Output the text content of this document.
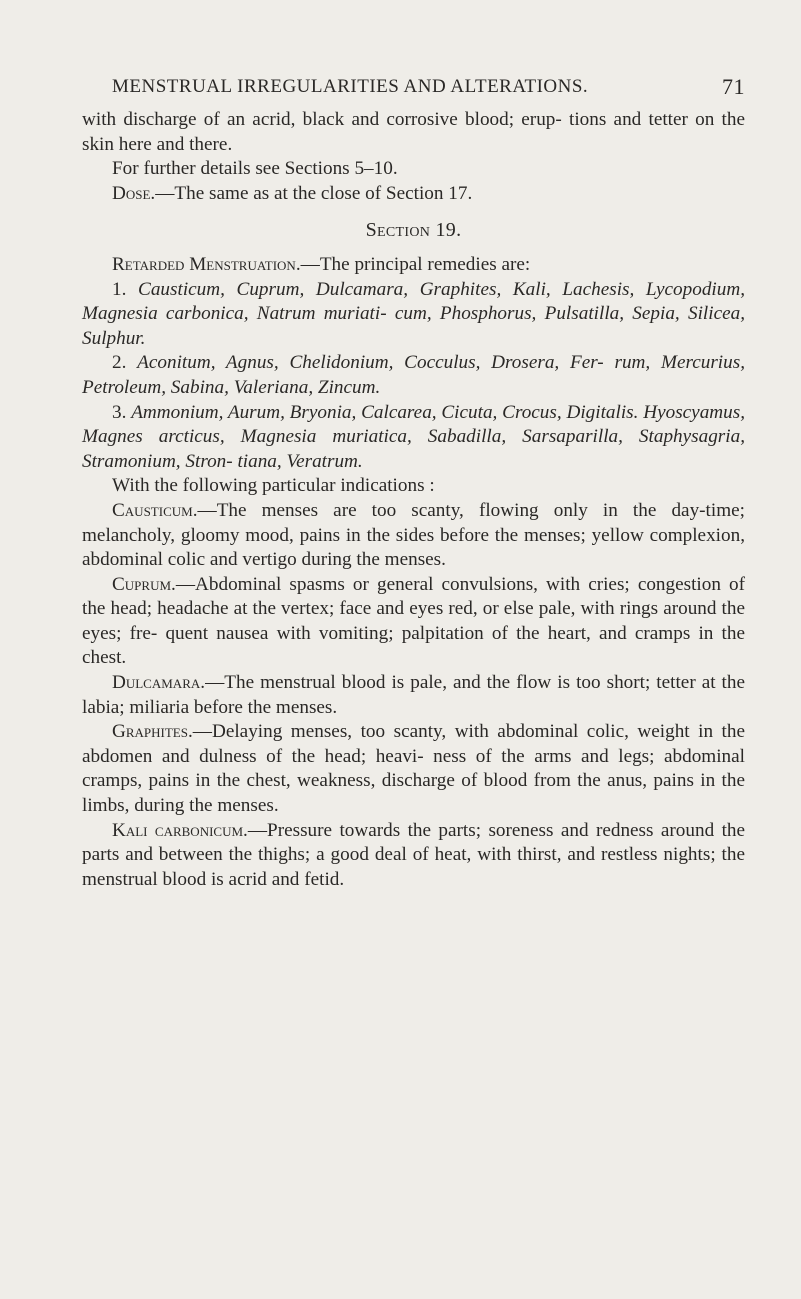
MENSTRUAL IRREGULARITIES AND ALTERATIONS.	71

with discharge of an acrid, black and corrosive blood; erup- tions and tetter on the skin here and there.

For further details see Sections 5–10.

Dose.—The same as at the close of Section 17.

Section 19.

Retarded Menstruation.—The principal remedies are:

1. Causticum, Cuprum, Dulcamara, Graphites, Kali, Lachesis, Lycopodium, Magnesia carbonica, Natrum muriati- cum, Phosphorus, Pulsatilla, Sepia, Silicea, Sulphur.

2. Aconitum, Agnus, Chelidonium, Cocculus, Drosera, Fer- rum, Mercurius, Petroleum, Sabina, Valeriana, Zincum.

3. Ammonium, Aurum, Bryonia, Calcarea, Cicuta, Crocus, Digitalis. Hyoscyamus, Magnes arcticus, Magnesia muriatica, Sabadilla, Sarsaparilla, Staphysagria, Stramonium, Stron- tiana, Veratrum.

With the following particular indications :

Causticum.—The menses are too scanty, flowing only in the day-time; melancholy, gloomy mood, pains in the sides before the menses; yellow complexion, abdominal colic and vertigo during the menses.

Cuprum.—Abdominal spasms or general convulsions, with cries; congestion of the head; headache at the vertex; face and eyes red, or else pale, with rings around the eyes; fre- quent nausea with vomiting; palpitation of the heart, and cramps in the chest.

Dulcamara.—The menstrual blood is pale, and the flow is too short; tetter at the labia; miliaria before the menses.

Graphites.—Delaying menses, too scanty, with abdominal colic, weight in the abdomen and dulness of the head; heavi- ness of the arms and legs; abdominal cramps, pains in the chest, weakness, discharge of blood from the anus, pains in the limbs, during the menses.

Kali carbonicum.—Pressure towards the parts; soreness and redness around the parts and between the thighs; a good deal of heat, with thirst, and restless nights; the menstrual blood is acrid and fetid.
